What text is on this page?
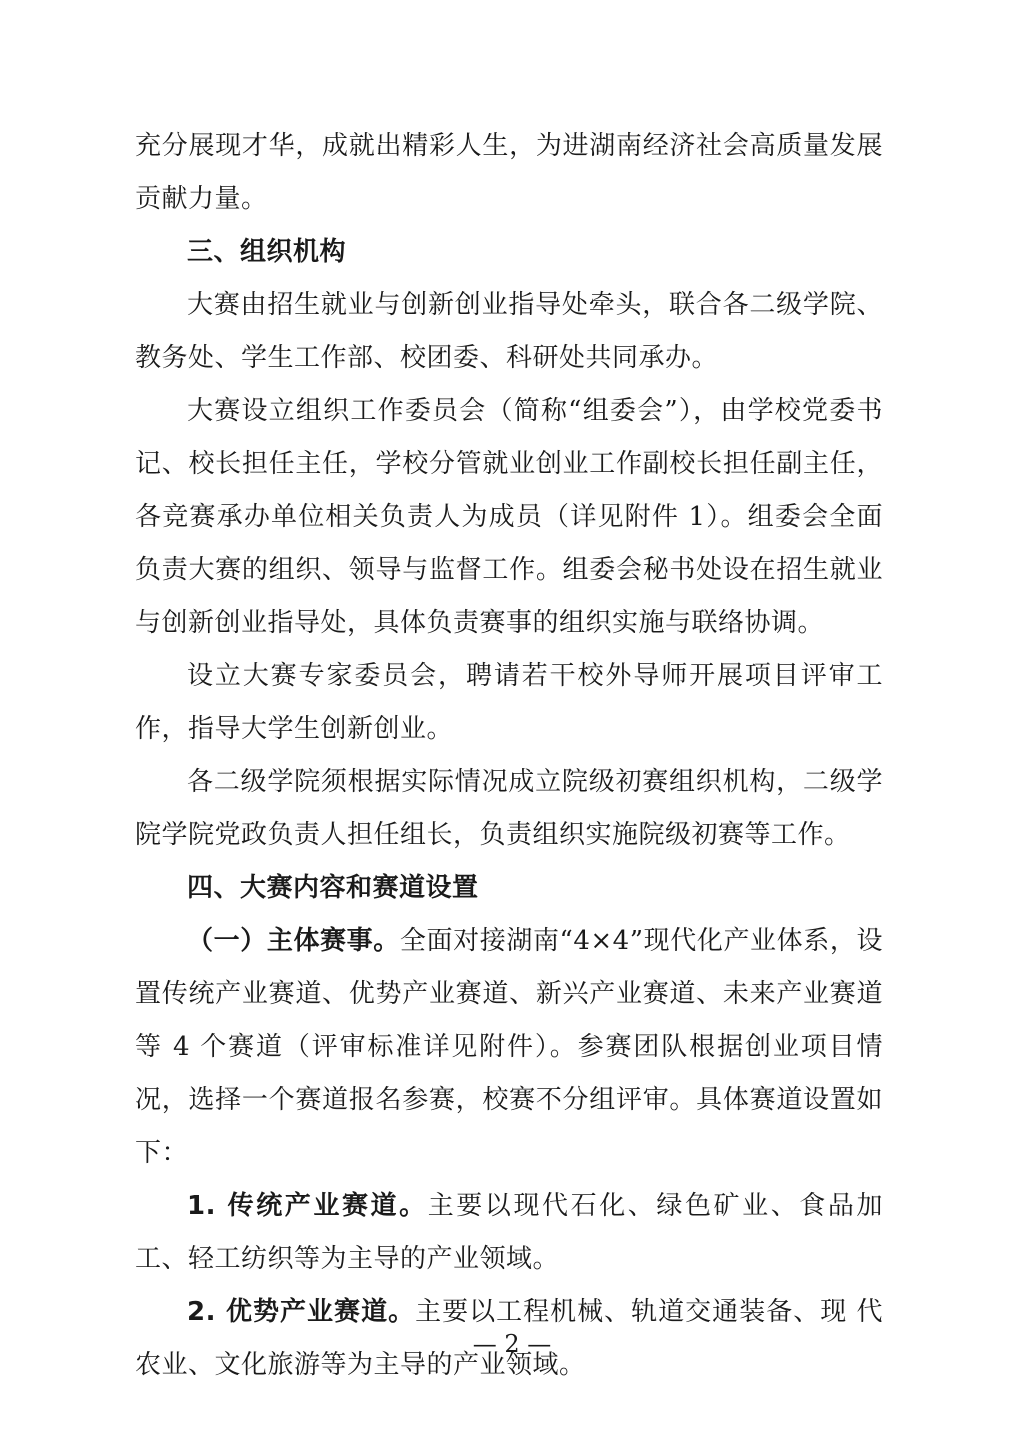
充分展现才华，成就出精彩人生，为进湖南经济社会高质量发展贡献力量。

三、组织机构

大赛由招生就业与创新创业指导处牵头，联合各二级学院、教务处、学生工作部、校团委、科研处共同承办。

大赛设立组织工作委员会（简称“组委会”），由学校党委书记、校长担任主任，学校分管就业创业工作副校长担任副主任，各竞赛承办单位相关负责人为成员（详见附件 1）。组委会全面负责大赛的组织、领导与监督工作。组委会秘书处设在招生就业与创新创业指导处，具体负责赛事的组织实施与联络协调。

设立大赛专家委员会，聘请若干校外导师开展项目评审工作，指导大学生创新创业。

各二级学院须根据实际情况成立院级初赛组织机构，二级学院学院党政负责人担任组长，负责组织实施院级初赛等工作。

四、大赛内容和赛道设置

（一）主体赛事。全面对接湖南“4×4”现代化产业体系，设置传统产业赛道、优势产业赛道、新兴产业赛道、未来产业赛道等 4 个赛道（评审标准详见附件）。参赛团队根据创业项目情况，选择一个赛道报名参赛，校赛不分组评审。具体赛道设置如下：

1. 传统产业赛道。主要以现代石化、绿色矿业、食品加 工、轻工纺织等为主导的产业领域。

2. 优势产业赛道。主要以工程机械、轨道交通装备、现 代农业、文化旅游等为主导的产业领域。

— 2 —
